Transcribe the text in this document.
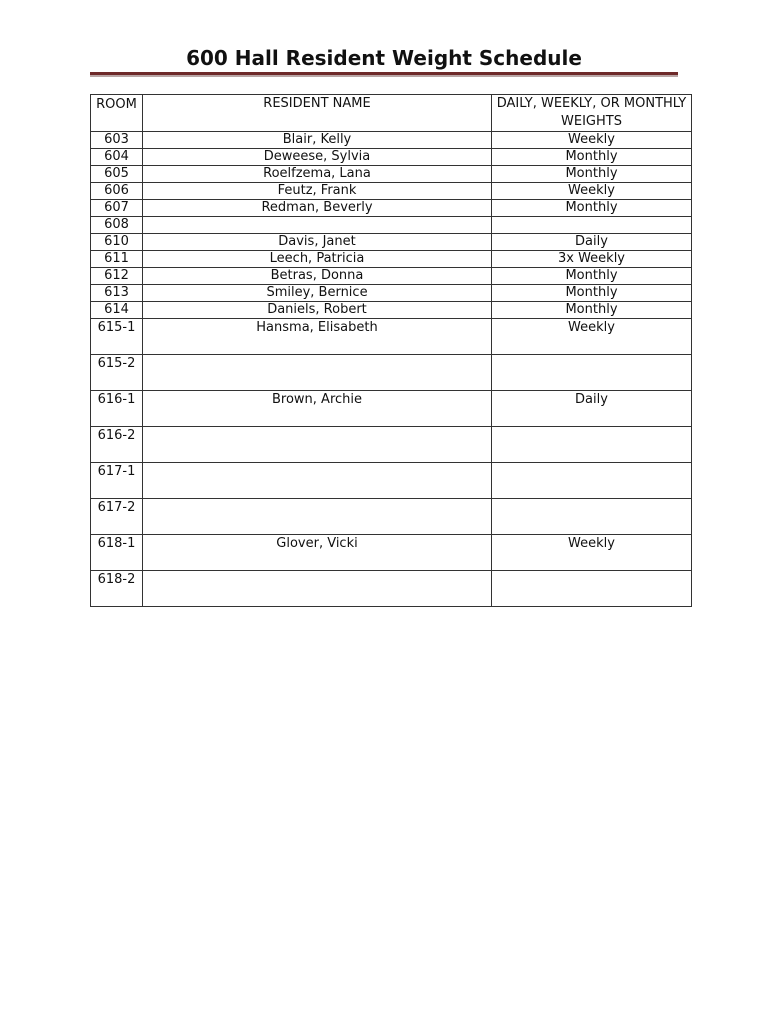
600 Hall Resident Weight Schedule
ROOM	RESIDENT NAME	DAILY, WEEKLY, OR MONTHLY WEIGHTS
603	Blair, Kelly	Weekly
604	Deweese, Sylvia	Monthly
605	Roelfzema, Lana	Monthly
606	Feutz, Frank	Weekly
607	Redman, Beverly	Monthly
608		
610	Davis, Janet	Daily
611	Leech, Patricia	3x Weekly
612	Betras, Donna	Monthly
613	Smiley, Bernice	Monthly
614	Daniels, Robert	Monthly
615-1	Hansma, Elisabeth	Weekly
615-2		
616-1	Brown, Archie	Daily
616-2		
617-1		
617-2		
618-1	Glover, Vicki	Weekly
618-2		
